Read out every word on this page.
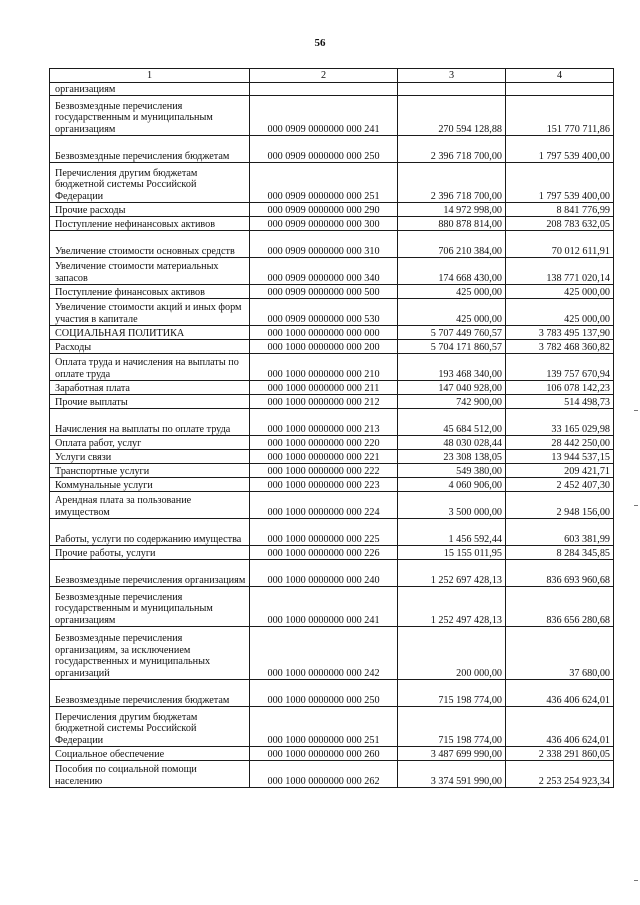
56
1	2	3	4
организациям			
Безвозмездные перечисления государственным и муниципальным организациям	000 0909 0000000 000 241	270 594 128,88	151 770 711,86
Безвозмездные перечисления бюджетам	000 0909 0000000 000 250	2 396 718 700,00	1 797 539 400,00
Перечисления другим бюджетам бюджетной системы Российской Федерации	000 0909 0000000 000 251	2 396 718 700,00	1 797 539 400,00
Прочие расходы	000 0909 0000000 000 290	14 972 998,00	8 841 776,99
Поступление нефинансовых активов	000 0909 0000000 000 300	880 878 814,00	208 783 632,05
Увеличение стоимости основных средств	000 0909 0000000 000 310	706 210 384,00	70 012 611,91
Увеличение стоимости материальных запасов	000 0909 0000000 000 340	174 668 430,00	138 771 020,14
Поступление финансовых активов	000 0909 0000000 000 500	425 000,00	425 000,00
Увеличение стоимости акций и иных форм участия в капитале	000 0909 0000000 000 530	425 000,00	425 000,00
СОЦИАЛЬНАЯ ПОЛИТИКА	000 1000 0000000 000 000	5 707 449 760,57	3 783 495 137,90
Расходы	000 1000 0000000 000 200	5 704 171 860,57	3 782 468 360,82
Оплата труда и начисления на выплаты по оплате труда	000 1000 0000000 000 210	193 468 340,00	139 757 670,94
Заработная плата	000 1000 0000000 000 211	147 040 928,00	106 078 142,23
Прочие выплаты	000 1000 0000000 000 212	742 900,00	514 498,73
Начисления на выплаты по оплате труда	000 1000 0000000 000 213	45 684 512,00	33 165 029,98
Оплата работ, услуг	000 1000 0000000 000 220	48 030 028,44	28 442 250,00
Услуги связи	000 1000 0000000 000 221	23 308 138,05	13 944 537,15
Транспортные услуги	000 1000 0000000 000 222	549 380,00	209 421,71
Коммунальные услуги	000 1000 0000000 000 223	4 060 906,00	2 452 407,30
Арендная плата за пользование имуществом	000 1000 0000000 000 224	3 500 000,00	2 948 156,00
Работы, услуги по содержанию имущества	000 1000 0000000 000 225	1 456 592,44	603 381,99
Прочие работы, услуги	000 1000 0000000 000 226	15 155 011,95	8 284 345,85
Безвозмездные перечисления организациям	000 1000 0000000 000 240	1 252 697 428,13	836 693 960,68
Безвозмездные перечисления государственным и муниципальным организациям	000 1000 0000000 000 241	1 252 497 428,13	836 656 280,68
Безвозмездные перечисления организациям, за исключением государственных и муниципальных организаций	000 1000 0000000 000 242	200 000,00	37 680,00
Безвозмездные перечисления бюджетам	000 1000 0000000 000 250	715 198 774,00	436 406 624,01
Перечисления другим бюджетам бюджетной системы Российской Федерации	000 1000 0000000 000 251	715 198 774,00	436 406 624,01
Социальное обеспечение	000 1000 0000000 000 260	3 487 699 990,00	2 338 291 860,05
Пособия по социальной помощи населению	000 1000 0000000 000 262	3 374 591 990,00	2 253 254 923,34
